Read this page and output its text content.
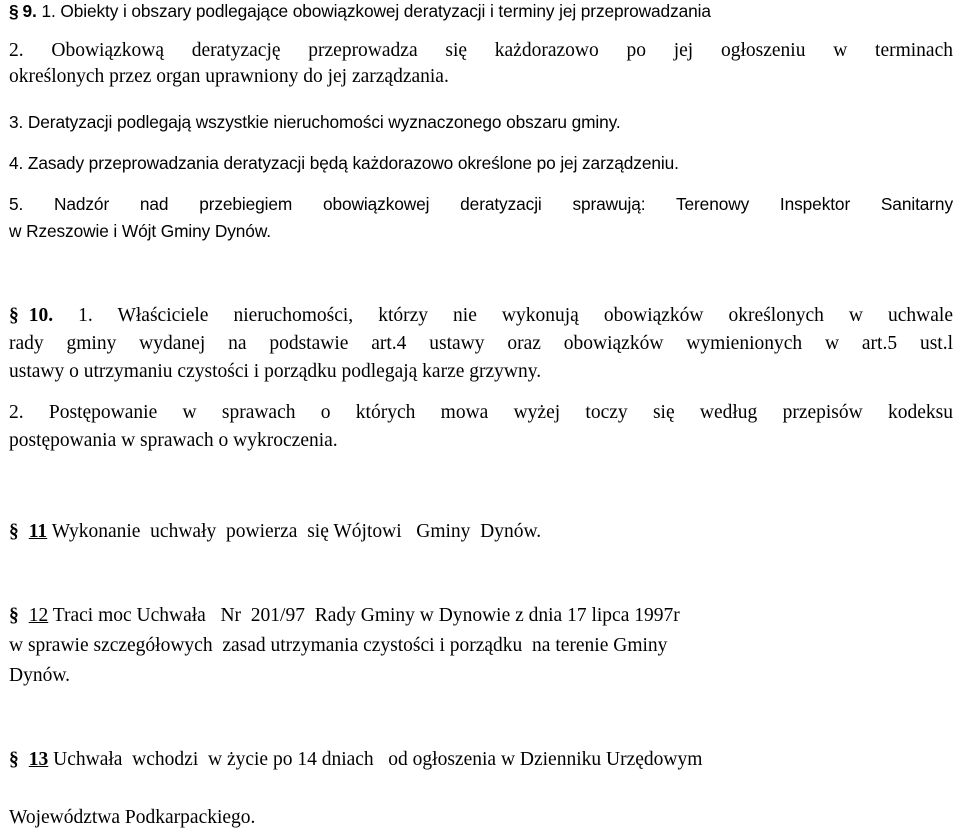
§ 9. 1. Obiekty i obszary podlegające obowiązkowej deratyzacji i terminy jej przeprowadzania
2. Obowiązkową deratyzację przeprowadza się każdorazowo po jej ogłoszeniu w terminach
określonych przez organ uprawniony do jej zarządzania.
3. Deratyzacji podlegają wszystkie nieruchomości wyznaczonego obszaru gminy.
4. Zasady przeprowadzania deratyzacji będą każdorazowo określone po jej zarządzeniu.
5. Nadzór nad przebiegiem obowiązkowej deratyzacji sprawują: Terenowy Inspektor Sanitarny
w Rzeszowie i Wójt Gminy Dynów.
§ 10. 1. Właściciele nieruchomości, którzy nie wykonują obowiązków określonych w uchwale
rady gminy wydanej na podstawie art.4 ustawy oraz obowiązków wymienionych w art.5 ust.l
ustawy o utrzymaniu czystości i porządku podlegają karze grzywny.
2. Postępowanie w sprawach o których mowa wyżej toczy się według przepisów kodeksu
postępowania w sprawach o wykroczenia.
§ 11 Wykonanie  uchwały  powierza  się Wójtowi   Gminy  Dynów.
§ 12 Traci moc Uchwała   Nr  201/97  Rady Gminy w Dynowie z dnia 17 lipca 1997r
w sprawie szczegółowych  zasad utrzymania czystości i porządku  na terenie Gminy
Dynów.
§ 13 Uchwała  wchodzi  w życie po 14 dniach   od ogłoszenia w Dzienniku Urzędowym
Województwa Podkarpackiego.
